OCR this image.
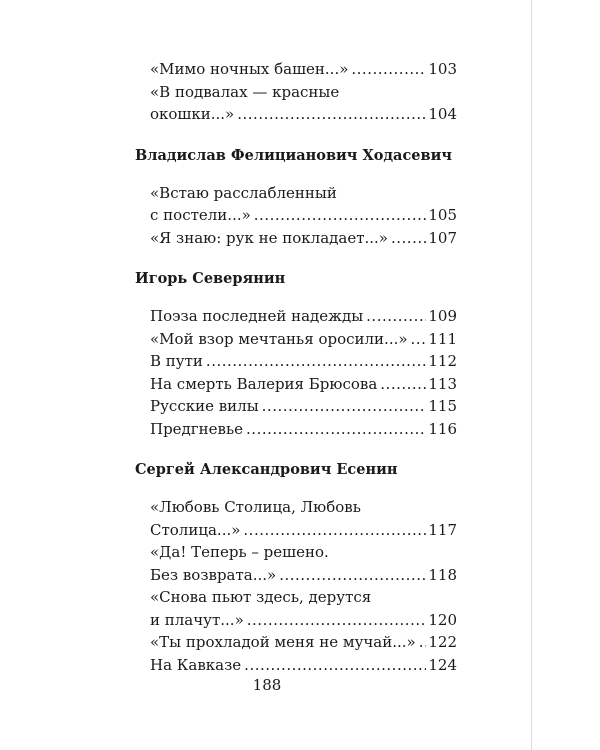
«Мимо ночных башен...» .....	103
«В подвалах — красные
окошки...» .....	104
Владислав Фелицианович Ходасевич
«Встаю расслабленный
с постели...» .....	105
«Я знаю: рук не покладает...» .....	107
Игорь Северянин
Поэза последней надежды .....	109
«Мой взор мечтанья оросили...» ..... 111
В пути .....	112
На смерть Валерия Брюсова .....	113
Русские вилы .....	115
Предгневье .....	116
Сергей Александрович Есенин
«Любовь Столица, Любовь
Столица...» .....	117
«Да! Теперь – решено.
Без возврата...» .....	118
«Снова пьют здесь, дерутся
и плачут...» .....	120
«Ты прохладой меня не мучай...» ..... 122
На Кавказе .....	124
188
